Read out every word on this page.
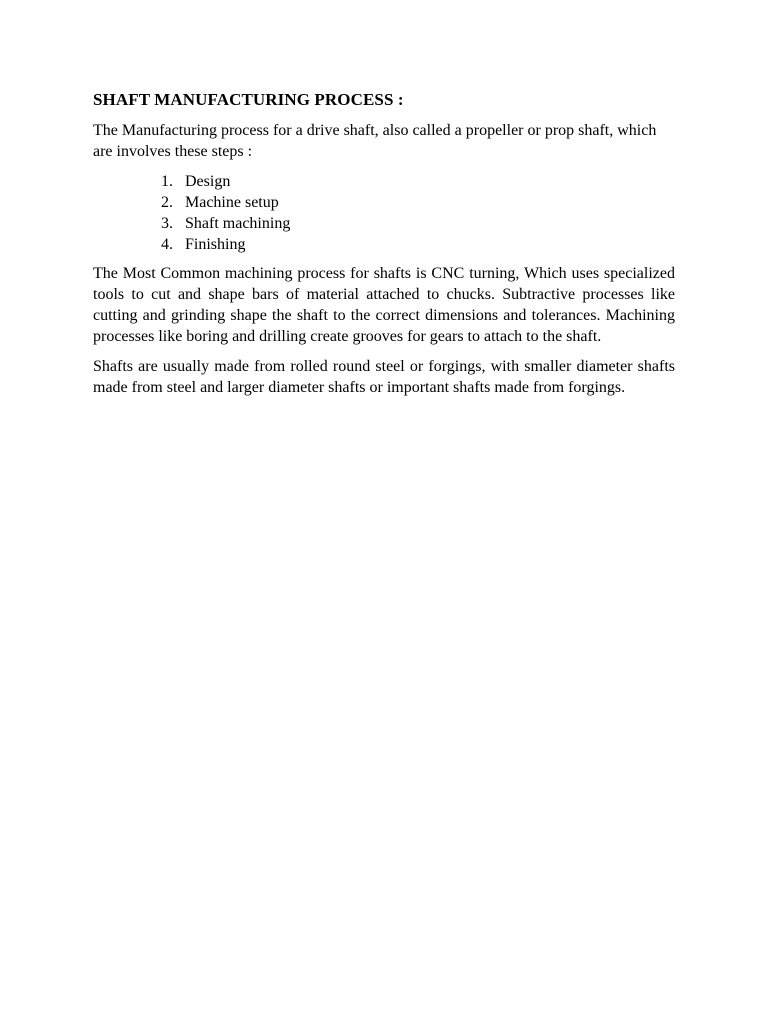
SHAFT MANUFACTURING PROCESS :

The Manufacturing process for a drive shaft, also called a propeller or prop shaft, which are involves these steps :

1. Design
2. Machine setup
3. Shaft machining
4. Finishing

The Most Common machining process for shafts is CNC turning, Which uses specialized tools to cut and shape bars of material attached to chucks. Subtractive processes like cutting and grinding shape the shaft to the correct dimensions and tolerances. Machining processes like boring and drilling create grooves for gears to attach to the shaft.

Shafts are usually made from rolled round steel or forgings, with smaller diameter shafts made from steel and larger diameter shafts or important shafts made from forgings.
